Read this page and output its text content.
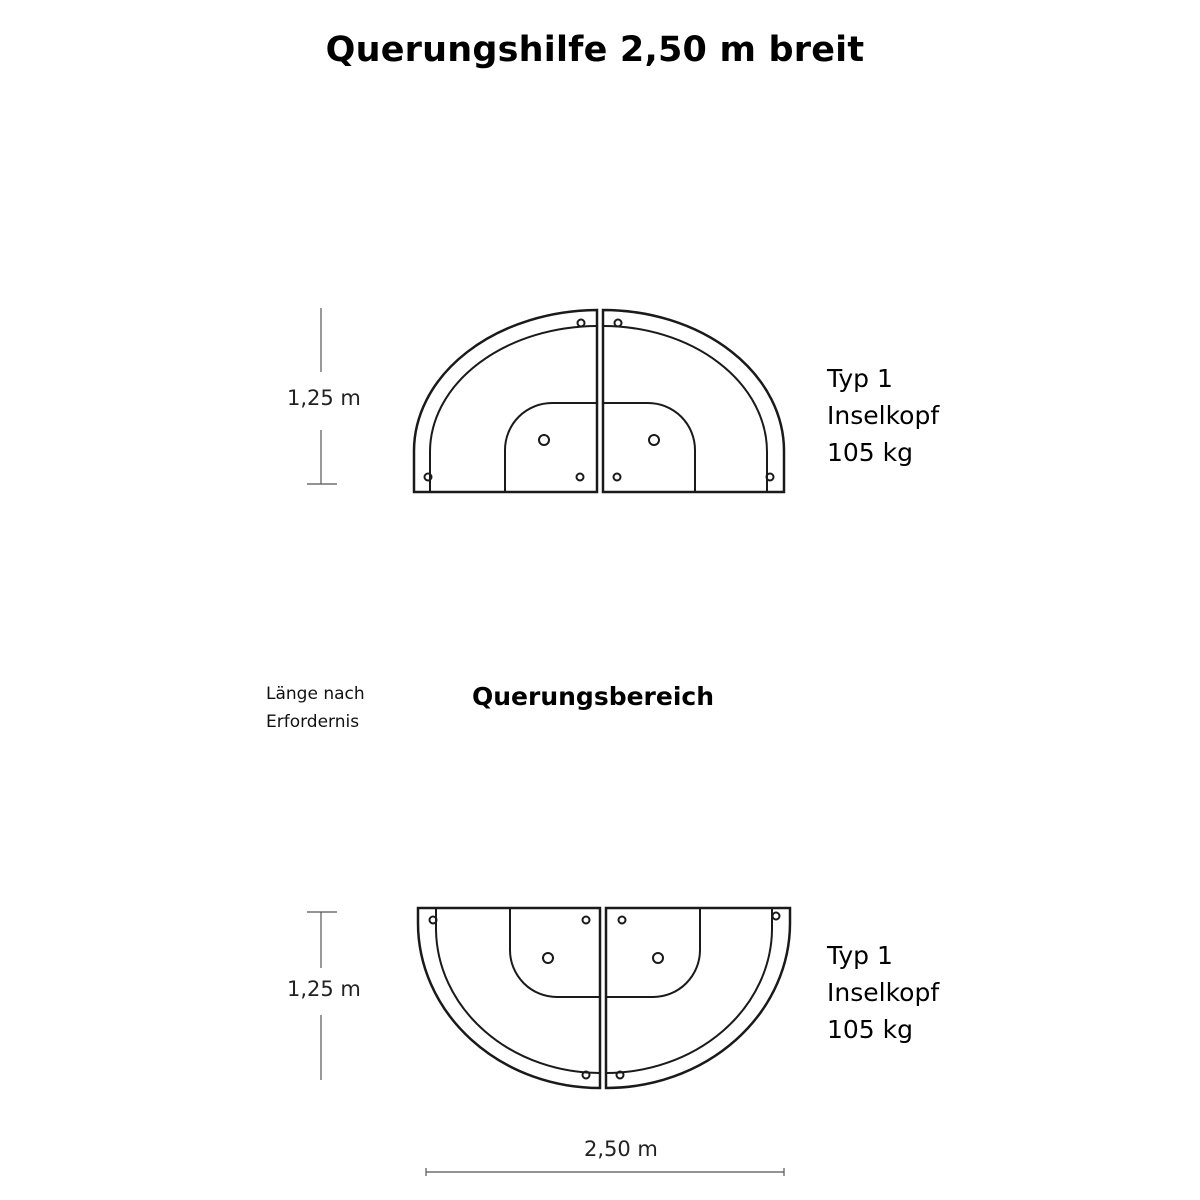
Querungshilfe 2,50 m breit
1,25 m
Typ 1
Inselkopf
105 kg
Länge nach
Erfordernis
Querungsbereich
1,25 m
Typ 1
Inselkopf
105 kg
2,50 m
